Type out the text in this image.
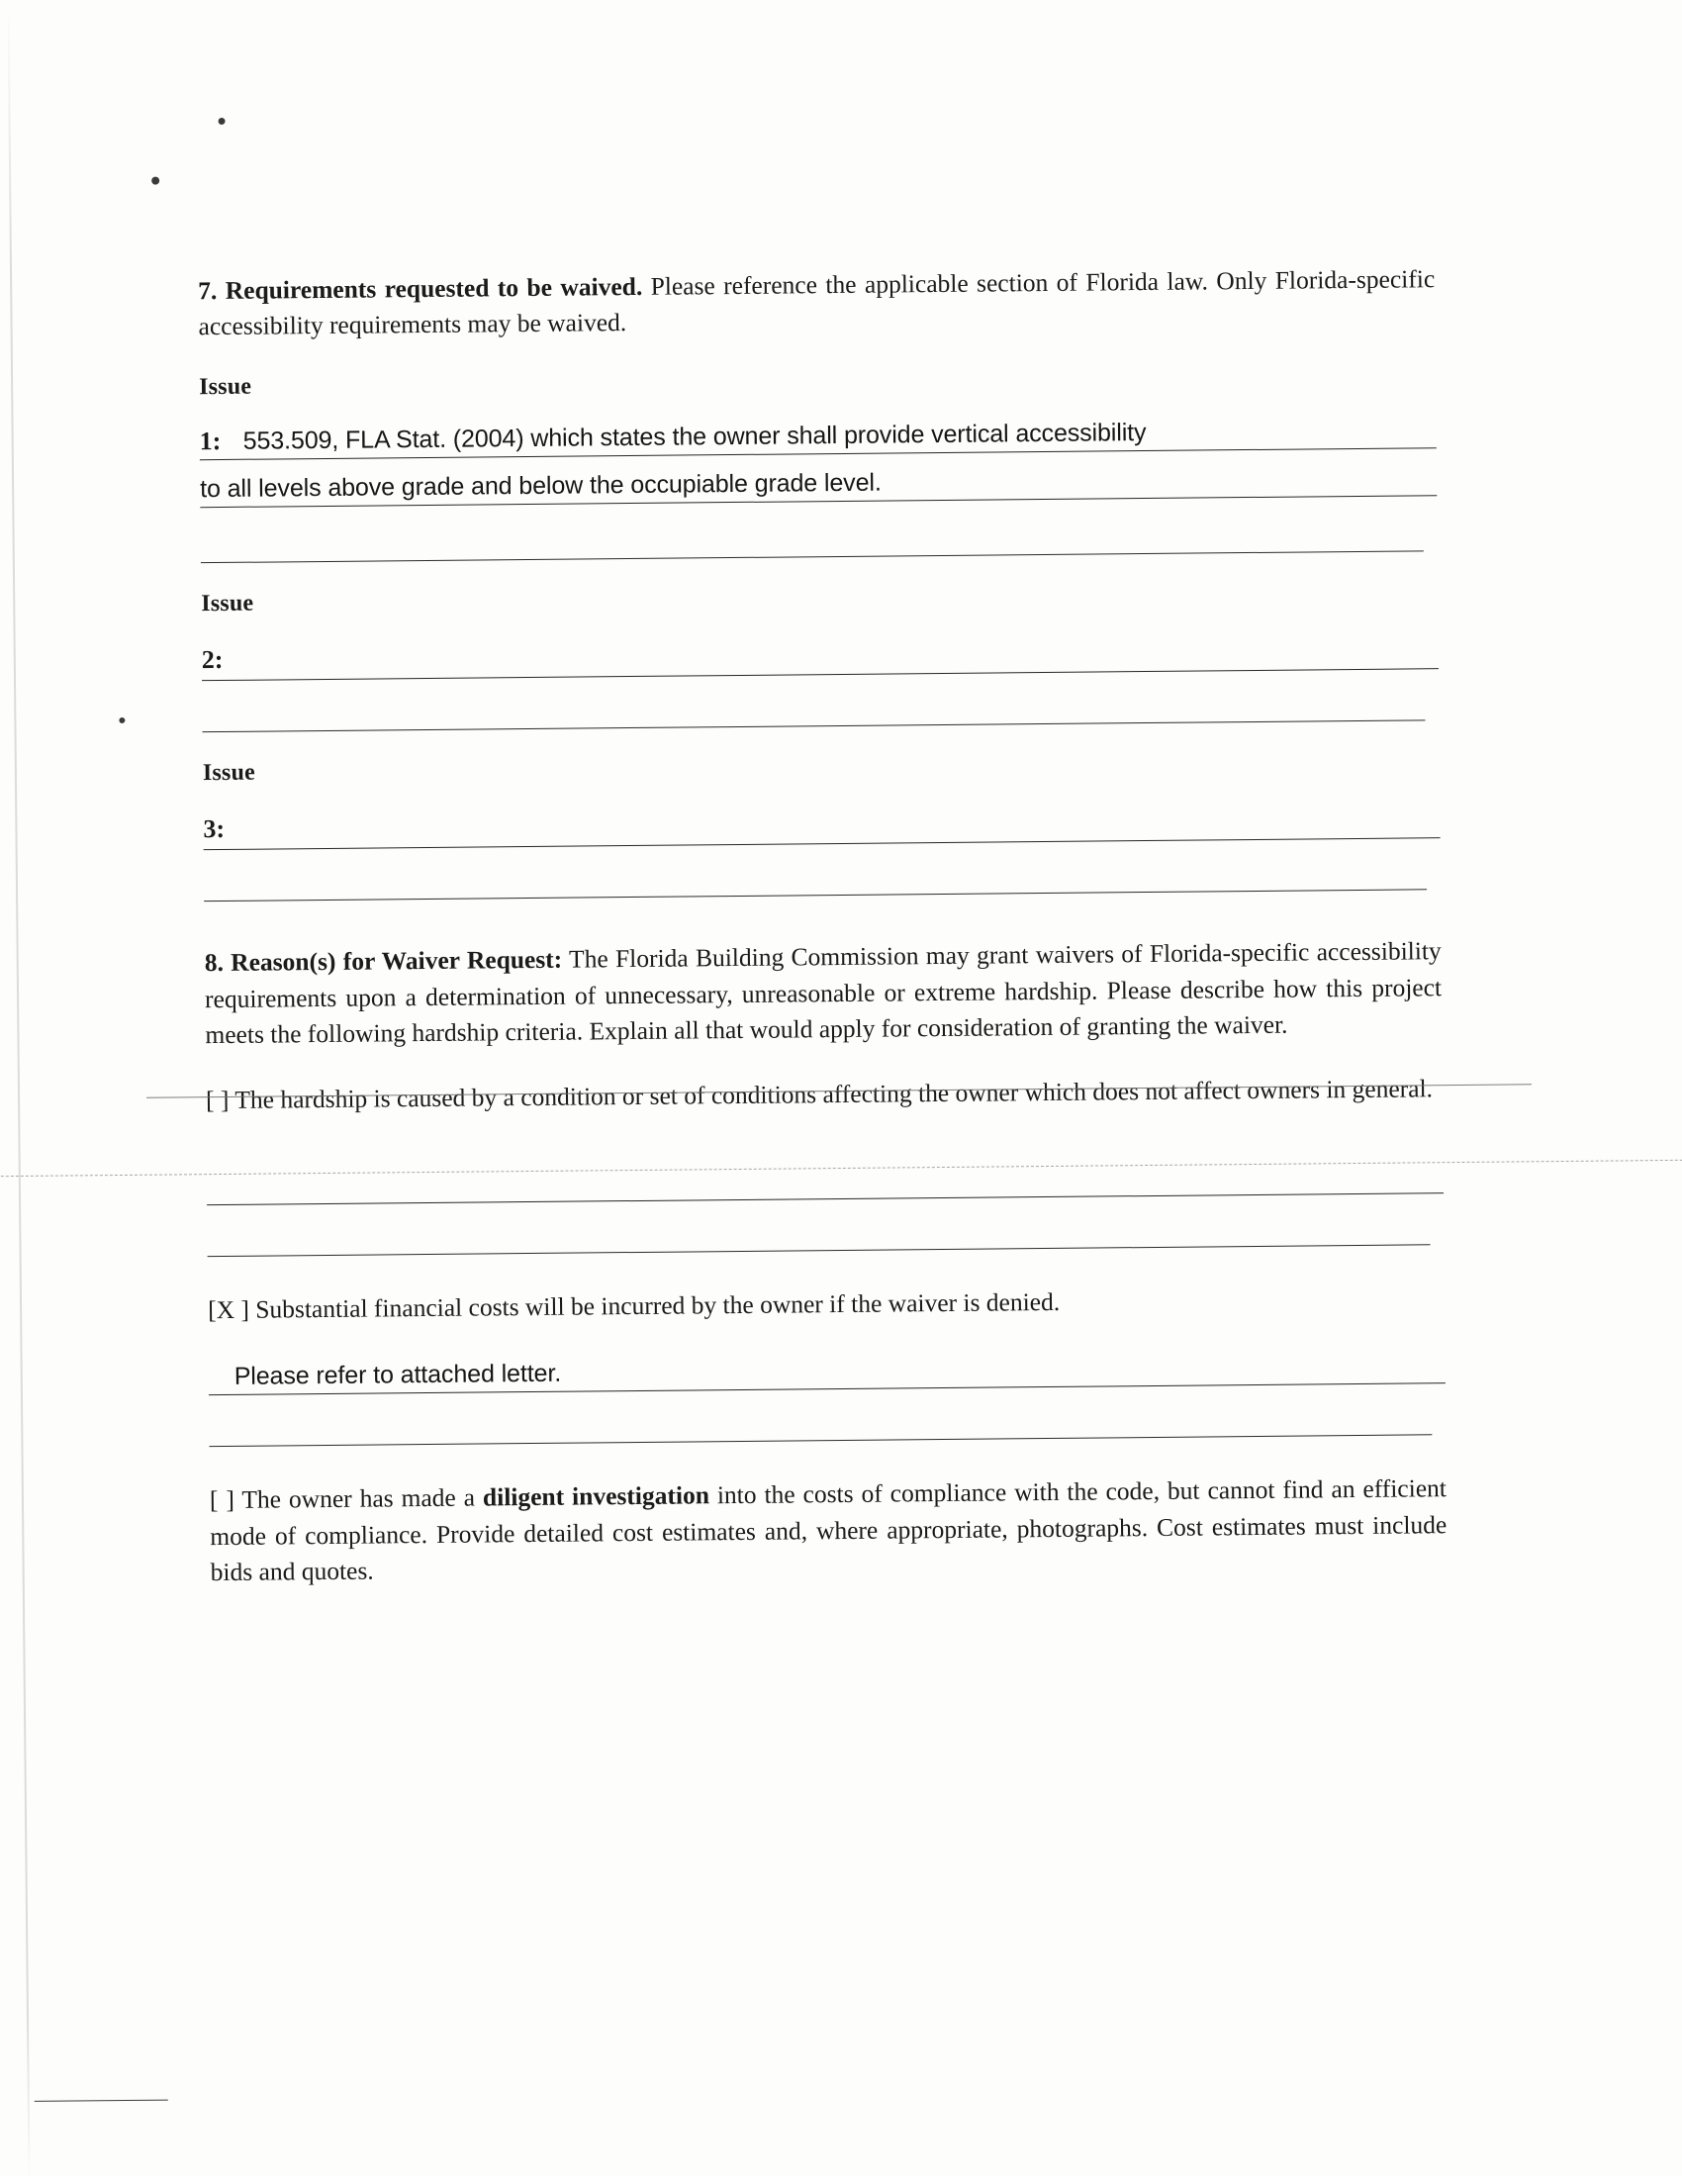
7. Requirements requested to be waived. Please reference the applicable section of Florida law. Only Florida-specific accessibility requirements may be waived.

Issue
1: 553.509, FLA Stat. (2004) which states the owner shall provide vertical accessibility
to all levels above grade and below the occupiable grade level.
Issue
2:
Issue
3:

8. Reason(s) for Waiver Request: The Florida Building Commission may grant waivers of Florida-specific accessibility requirements upon a determination of unnecessary, unreasonable or extreme hardship. Please describe how this project meets the following hardship criteria. Explain all that would apply for consideration of granting the waiver.

[ ] The hardship is caused by a condition or set of conditions affecting the owner which does not affect owners in general.

[X ] Substantial financial costs will be incurred by the owner if the waiver is denied.

Please refer to attached letter.

[ ] The owner has made a diligent investigation into the costs of compliance with the code, but cannot find an efficient mode of compliance. Provide detailed cost estimates and, where appropriate, photographs. Cost estimates must include bids and quotes.
